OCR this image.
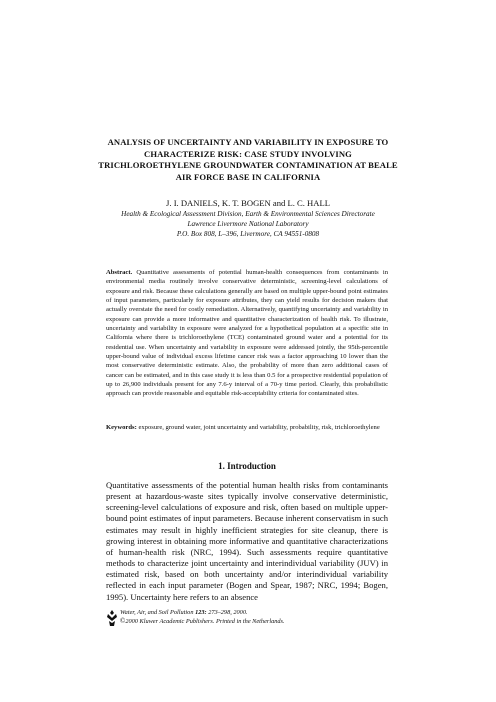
ANALYSIS OF UNCERTAINTY AND VARIABILITY IN EXPOSURE TO CHARACTERIZE RISK: CASE STUDY INVOLVING TRICHLOROETHYLENE GROUNDWATER CONTAMINATION AT BEALE AIR FORCE BASE IN CALIFORNIA
J. I. DANIELS, K. T. BOGEN and L. C. HALL
Health & Ecological Assessment Division, Earth & Environmental Sciences Directorate
Lawrence Livermore National Laboratory
P.O. Box 808, L–396, Livermore, CA 94551-0808
Abstract. Quantitative assessments of potential human-health consequences from contaminants in environmental media routinely involve conservative deterministic, screening-level calculations of exposure and risk. Because these calculations generally are based on multiple upper-bound point estimates of input parameters, particularly for exposure attributes, they can yield results for decision makers that actually overstate the need for costly remediation. Alternatively, quantifying uncertainty and variability in exposure can provide a more informative and quantitative characterization of health risk. To illustrate, uncertainty and variability in exposure were analyzed for a hypothetical population at a specific site in California where there is trichloroethylene (TCE) contaminated ground water and a potential for its residential use. When uncertainty and variability in exposure were addressed jointly, the 95th-percentile upper-bound value of individual excess lifetime cancer risk was a factor approaching 10 lower than the most conservative deterministic estimate. Also, the probability of more than zero additional cases of cancer can be estimated, and in this case study it is less than 0.5 for a prospective residential population of up to 26,900 individuals present for any 7.6-y interval of a 70-y time period. Clearly, this probabilistic approach can provide reasonable and equitable risk-acceptability criteria for contaminated sites.
Keywords: exposure, ground water, joint uncertainty and variability, probability, risk, trichloroethylene
1. Introduction
Quantitative assessments of the potential human health risks from contaminants present at hazardous-waste sites typically involve conservative deterministic, screening-level calculations of exposure and risk, often based on multiple upper-bound point estimates of input parameters. Because inherent conservatism in such estimates may result in highly inefficient strategies for site cleanup, there is growing interest in obtaining more informative and quantitative characterizations of human-health risk (NRC, 1994). Such assessments require quantitative methods to characterize joint uncertainty and interindividual variability (JUV) in estimated risk, based on both uncertainty and/or interindividual variability reflected in each input parameter (Bogen and Spear, 1987; NRC, 1994; Bogen, 1995). Uncertainty here refers to an absence
Water, Air, and Soil Pollution 123: 273–298, 2000.
©2000 Kluwer Academic Publishers. Printed in the Netherlands.
